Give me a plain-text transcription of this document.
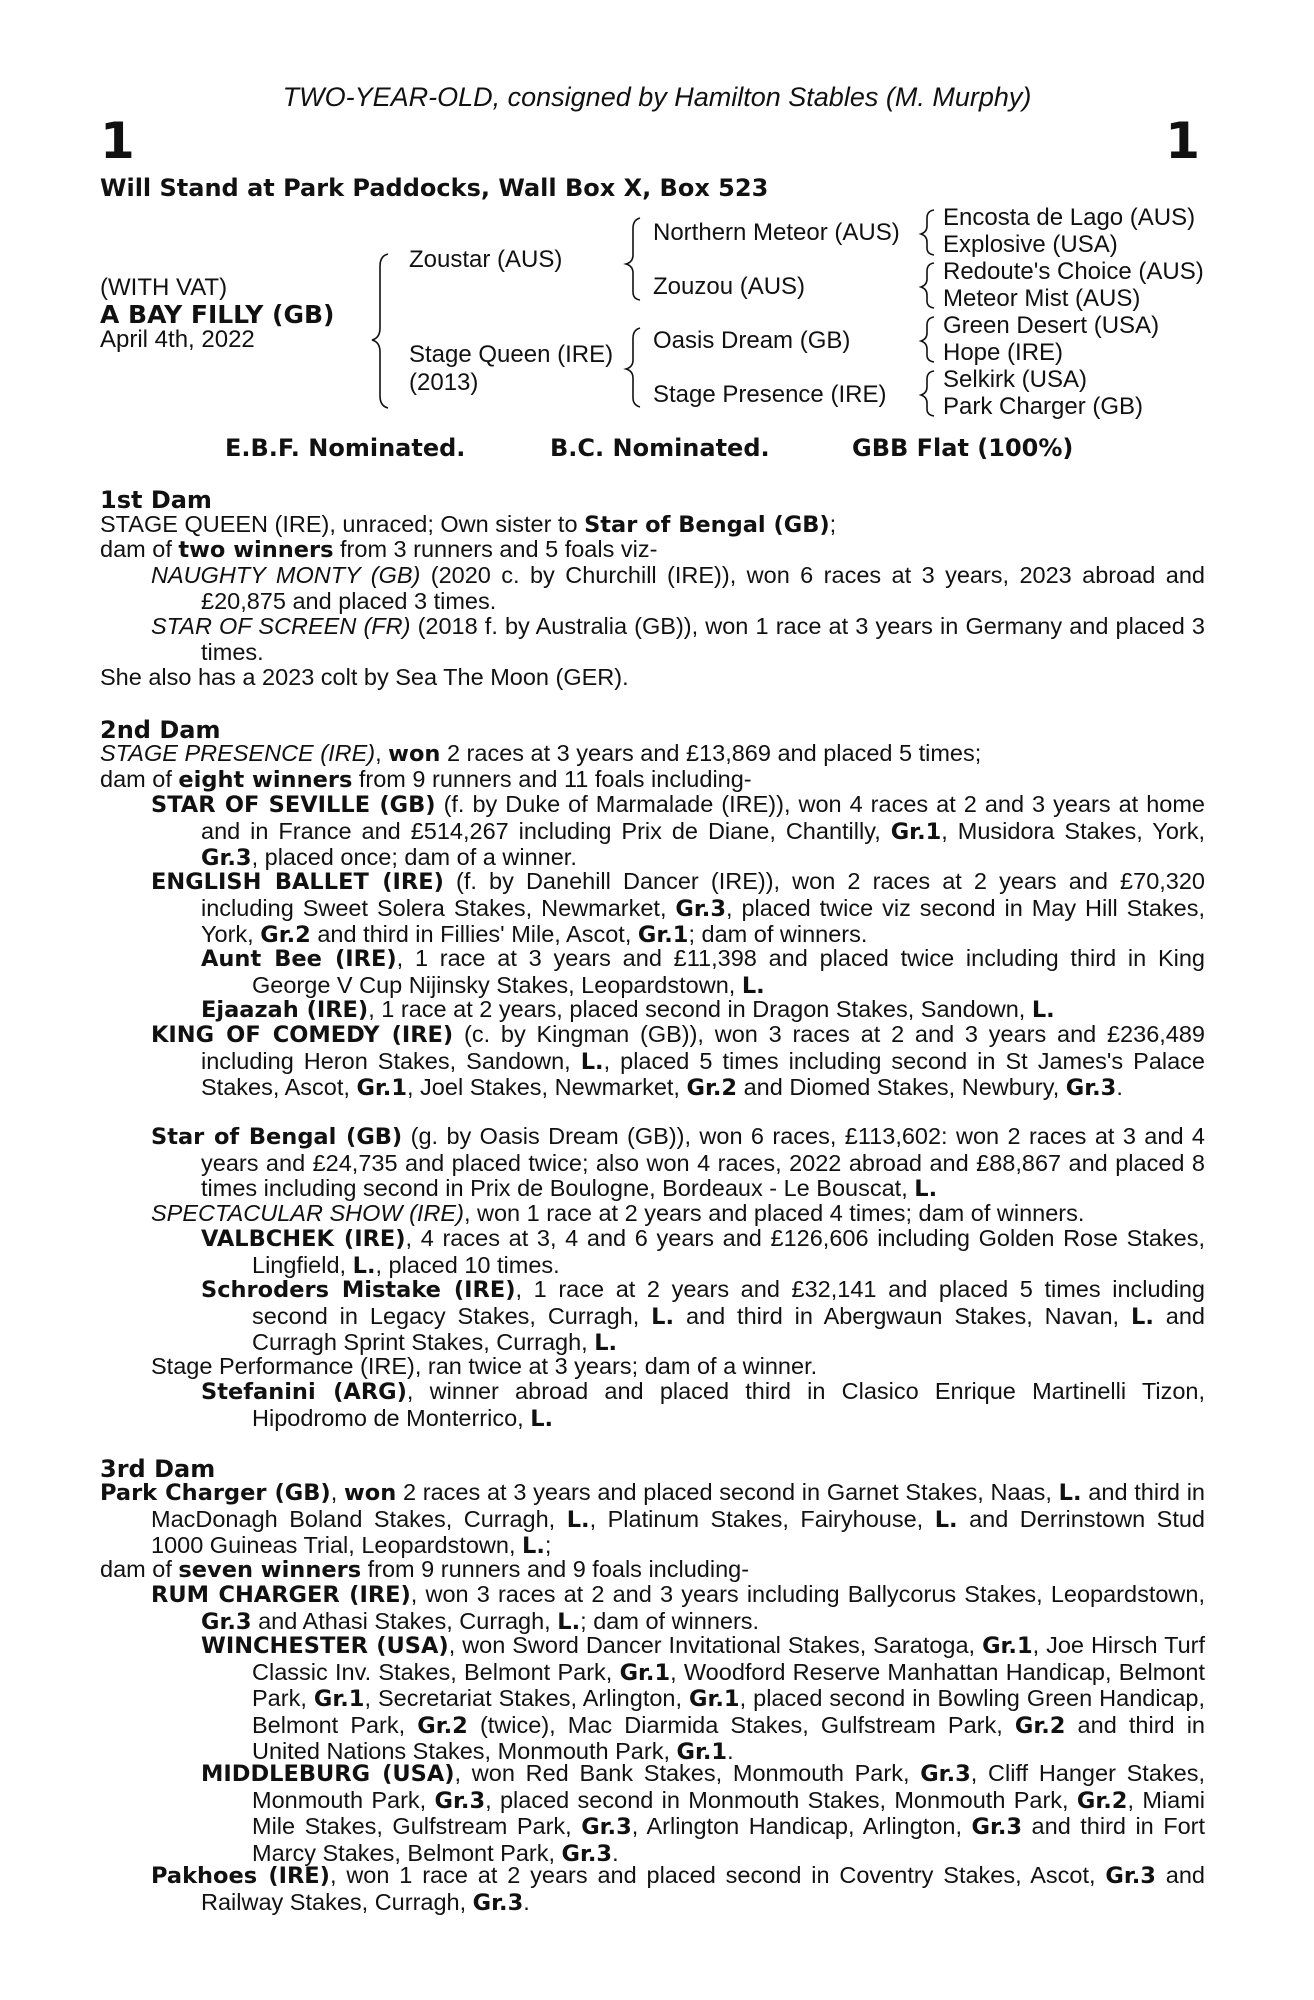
TWO-YEAR-OLD, consigned by Hamilton Stables (M. Murphy)
1	1
Will Stand at Park Paddocks, Wall Box X, Box 523
(WITH VAT)
A BAY FILLY (GB)
April 4th, 2022
Zoustar (AUS)
Stage Queen (IRE)
(2013)
Northern Meteor (AUS)
Zouzou (AUS)
Oasis Dream (GB)
Stage Presence (IRE)
Encosta de Lago (AUS)
Explosive (USA)
Redoute's Choice (AUS)
Meteor Mist (AUS)
Green Desert (USA)
Hope (IRE)
Selkirk (USA)
Park Charger (GB)
E.B.F. Nominated.	B.C. Nominated.	GBB Flat (100%)
1st Dam
STAGE QUEEN (IRE), unraced; Own sister to Star of Bengal (GB);
dam of two winners from 3 runners and 5 foals viz-
NAUGHTY MONTY (GB) (2020 c. by Churchill (IRE)), won 6 races at 3 years, 2023 abroad and £20,875 and placed 3 times.
STAR OF SCREEN (FR) (2018 f. by Australia (GB)), won 1 race at 3 years in Germany and placed 3 times.
She also has a 2023 colt by Sea The Moon (GER).
2nd Dam
STAGE PRESENCE (IRE), won 2 races at 3 years and £13,869 and placed 5 times;
dam of eight winners from 9 runners and 11 foals including-
STAR OF SEVILLE (GB) (f. by Duke of Marmalade (IRE)), won 4 races at 2 and 3 years at home and in France and £514,267 including Prix de Diane, Chantilly, Gr.1, Musidora Stakes, York, Gr.3, placed once; dam of a winner.
ENGLISH BALLET (IRE) (f. by Danehill Dancer (IRE)), won 2 races at 2 years and £70,320 including Sweet Solera Stakes, Newmarket, Gr.3, placed twice viz second in May Hill Stakes, York, Gr.2 and third in Fillies' Mile, Ascot, Gr.1; dam of winners.
Aunt Bee (IRE), 1 race at 3 years and £11,398 and placed twice including third in King George V Cup Nijinsky Stakes, Leopardstown, L.
Ejaazah (IRE), 1 race at 2 years, placed second in Dragon Stakes, Sandown, L.
KING OF COMEDY (IRE) (c. by Kingman (GB)), won 3 races at 2 and 3 years and £236,489 including Heron Stakes, Sandown, L., placed 5 times including second in St James's Palace Stakes, Ascot, Gr.1, Joel Stakes, Newmarket, Gr.2 and Diomed Stakes, Newbury, Gr.3.
Star of Bengal (GB) (g. by Oasis Dream (GB)), won 6 races, £113,602: won 2 races at 3 and 4 years and £24,735 and placed twice; also won 4 races, 2022 abroad and £88,867 and placed 8 times including second in Prix de Boulogne, Bordeaux - Le Bouscat, L.
SPECTACULAR SHOW (IRE), won 1 race at 2 years and placed 4 times; dam of winners.
VALBCHEK (IRE), 4 races at 3, 4 and 6 years and £126,606 including Golden Rose Stakes, Lingfield, L., placed 10 times.
Schroders Mistake (IRE), 1 race at 2 years and £32,141 and placed 5 times including second in Legacy Stakes, Curragh, L. and third in Abergwaun Stakes, Navan, L. and Curragh Sprint Stakes, Curragh, L.
Stage Performance (IRE), ran twice at 3 years; dam of a winner.
Stefanini (ARG), winner abroad and placed third in Clasico Enrique Martinelli Tizon, Hipodromo de Monterrico, L.
3rd Dam
Park Charger (GB), won 2 races at 3 years and placed second in Garnet Stakes, Naas, L. and third in MacDonagh Boland Stakes, Curragh, L., Platinum Stakes, Fairyhouse, L. and Derrinstown Stud 1000 Guineas Trial, Leopardstown, L.;
dam of seven winners from 9 runners and 9 foals including-
RUM CHARGER (IRE), won 3 races at 2 and 3 years including Ballycorus Stakes, Leopardstown, Gr.3 and Athasi Stakes, Curragh, L.; dam of winners.
WINCHESTER (USA), won Sword Dancer Invitational Stakes, Saratoga, Gr.1, Joe Hirsch Turf Classic Inv. Stakes, Belmont Park, Gr.1, Woodford Reserve Manhattan Handicap, Belmont Park, Gr.1, Secretariat Stakes, Arlington, Gr.1, placed second in Bowling Green Handicap, Belmont Park, Gr.2 (twice), Mac Diarmida Stakes, Gulfstream Park, Gr.2 and third in United Nations Stakes, Monmouth Park, Gr.1.
MIDDLEBURG (USA), won Red Bank Stakes, Monmouth Park, Gr.3, Cliff Hanger Stakes, Monmouth Park, Gr.3, placed second in Monmouth Stakes, Monmouth Park, Gr.2, Miami Mile Stakes, Gulfstream Park, Gr.3, Arlington Handicap, Arlington, Gr.3 and third in Fort Marcy Stakes, Belmont Park, Gr.3.
Pakhoes (IRE), won 1 race at 2 years and placed second in Coventry Stakes, Ascot, Gr.3 and Railway Stakes, Curragh, Gr.3.
